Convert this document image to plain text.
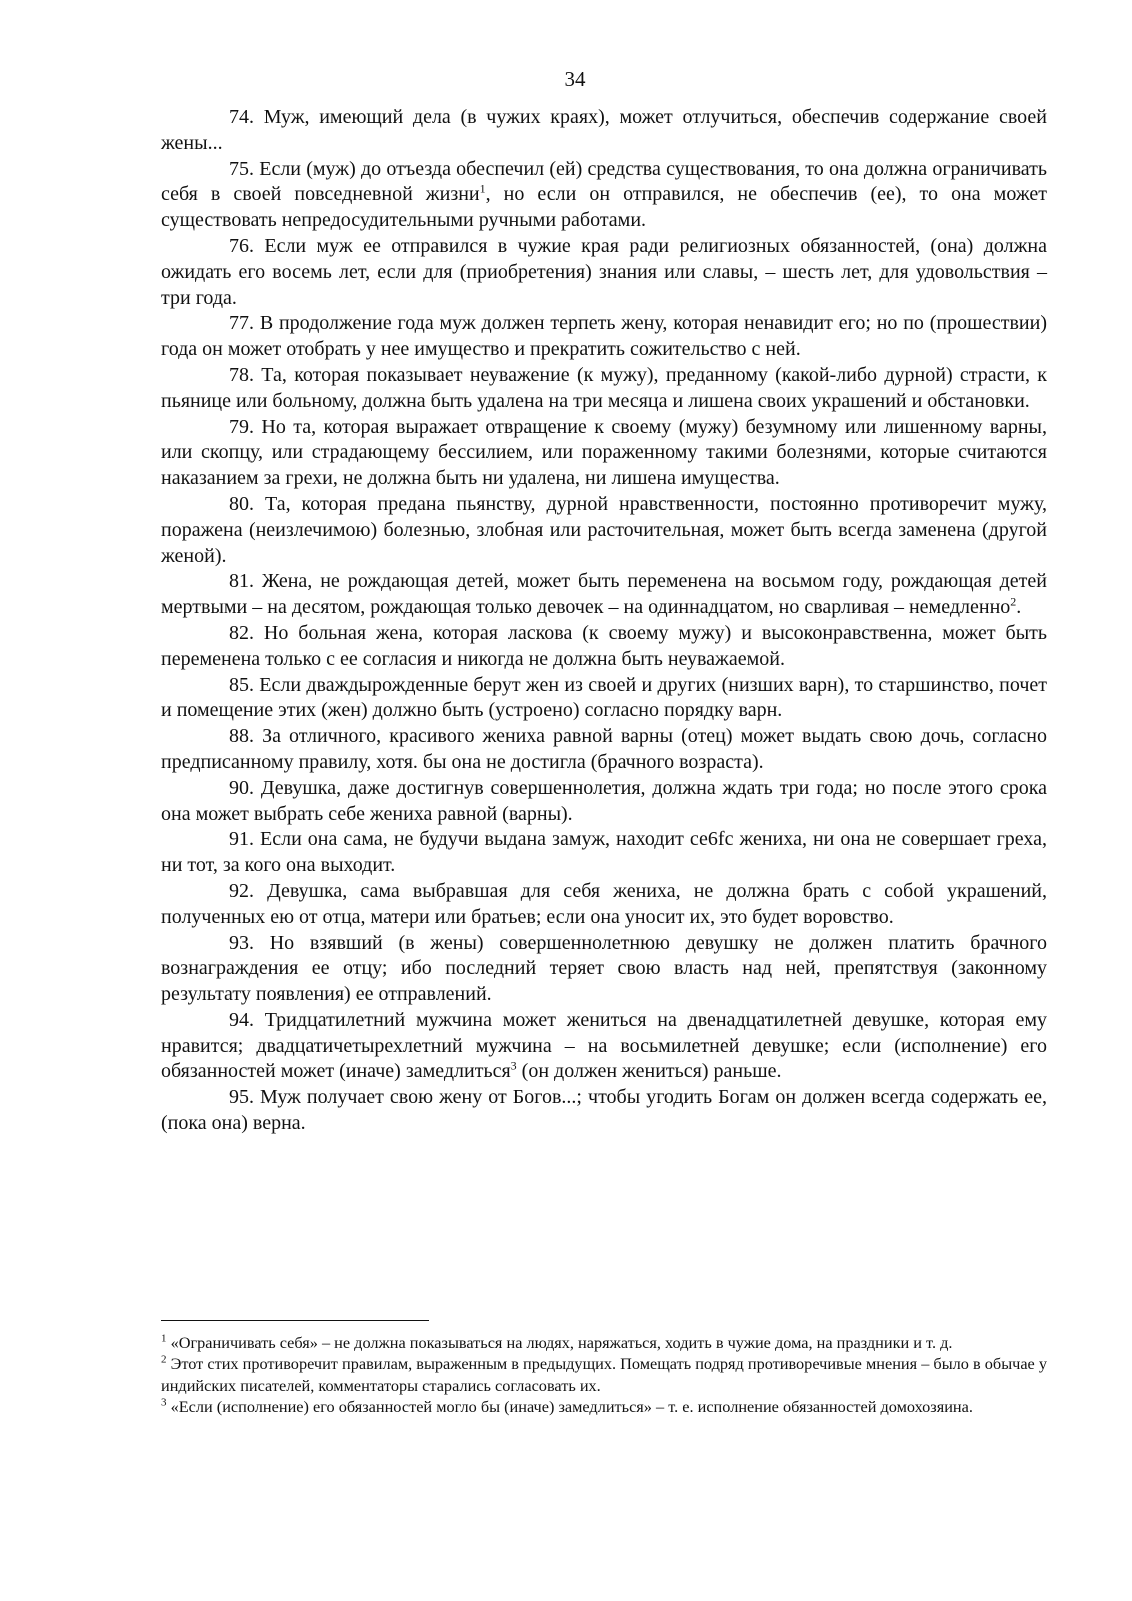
34

74. Муж, имеющий дела (в чужих краях), может отлучиться, обеспечив содержание своей жены...

75. Если (муж) до отъезда обеспечил (ей) средства существования, то она должна ограничивать себя в своей повседневной жизни$^1$, но если он отправился, не обеспечив (ее), то она может существовать непредосудительными ручными работами.

76. Если муж ее отправился в чужие края ради религиозных обязанностей, (она) должна ожидать его восемь лет, если для (приобретения) знания или славы, – шесть лет, для удовольствия – три года.

77. В продолжение года муж должен терпеть жену, которая ненавидит его; но по (прошествии) года он может отобрать у нее имущество и прекратить сожительство с ней.

78. Та, которая показывает неуважение (к мужу), преданному (какой-либо дурной) страсти, к пьянице или больному, должна быть удалена на три месяца и лишена своих украшений и обстановки.

79. Но та, которая выражает отвращение к своему (мужу) безумному или лишенному варны, или скопцу, или страдающему бессилием, или пораженному такими болезнями, которые считаются наказанием за грехи, не должна быть ни удалена, ни лишена имущества.

80. Та, которая предана пьянству, дурной нравственности, постоянно противоречит мужу, поражена (неизлечимою) болезнью, злобная или расточительная, может быть всегда заменена (другой женой).

81. Жена, не рождающая детей, может быть переменена на восьмом году, рождающая детей мертвыми – на десятом, рождающая только девочек – на одиннадцатом, но сварливая – немедленно$^2$.

82. Но больная жена, которая ласкова (к своему мужу) и высоконравственна, может быть переменена только с ее согласия и никогда не должна быть неуважаемой.

85. Если дваждырожденные берут жен из своей и других (низших варн), то старшинство, почет и помещение этих (жен) должно быть (устроено) согласно порядку варн.

88. За отличного, красивого жениха равной варны (отец) может выдать свою дочь, согласно предписанному правилу, хотя. бы она не достигла (брачного возраста).

90. Девушка, даже достигнув совершеннолетия, должна ждать три года; но после этого срока она может выбрать себе жениха равной (варны).

91. Если она сама, не будучи выдана замуж, находит се6fс жениха, ни она не совершает греха, ни тот, за кого она выходит.

92. Девушка, сама выбравшая для себя жениха, не должна брать с собой украшений, полученных ею от отца, матери или братьев; если она уносит их, это будет воровство.

93. Но взявший (в жены) совершеннолетнюю девушку не должен платить брачного вознаграждения ее отцу; ибо последний теряет свою власть над ней, препятствуя (законному результату появления) ее отправлений.

94. Тридцатилетний мужчина может жениться на двенадцатилетней девушке, которая ему нравится; двадцатичетырехлетний мужчина – на восьмилетней девушке; если (исполнение) его обязанностей может (иначе) замедлиться$^3$ (он должен жениться) раньше.

95. Муж получает свою жену от Богов...; чтобы угодить Богам он должен всегда содержать ее, (пока она) верна.

$^1$ «Ограничивать себя» – не должна показываться на людях, наряжаться, ходить в чужие дома, на праздники и т. д.

$^2$ Этот стих противоречит правилам, выраженным в предыдущих. Помещать подряд противоречивые мнения – было в обычае у индийских писателей, комментаторы старались согласовать их.

$^3$ «Если (исполнение) его обязанностей могло бы (иначе) замедлиться» – т. е. исполнение обязанностей домохозяина.
